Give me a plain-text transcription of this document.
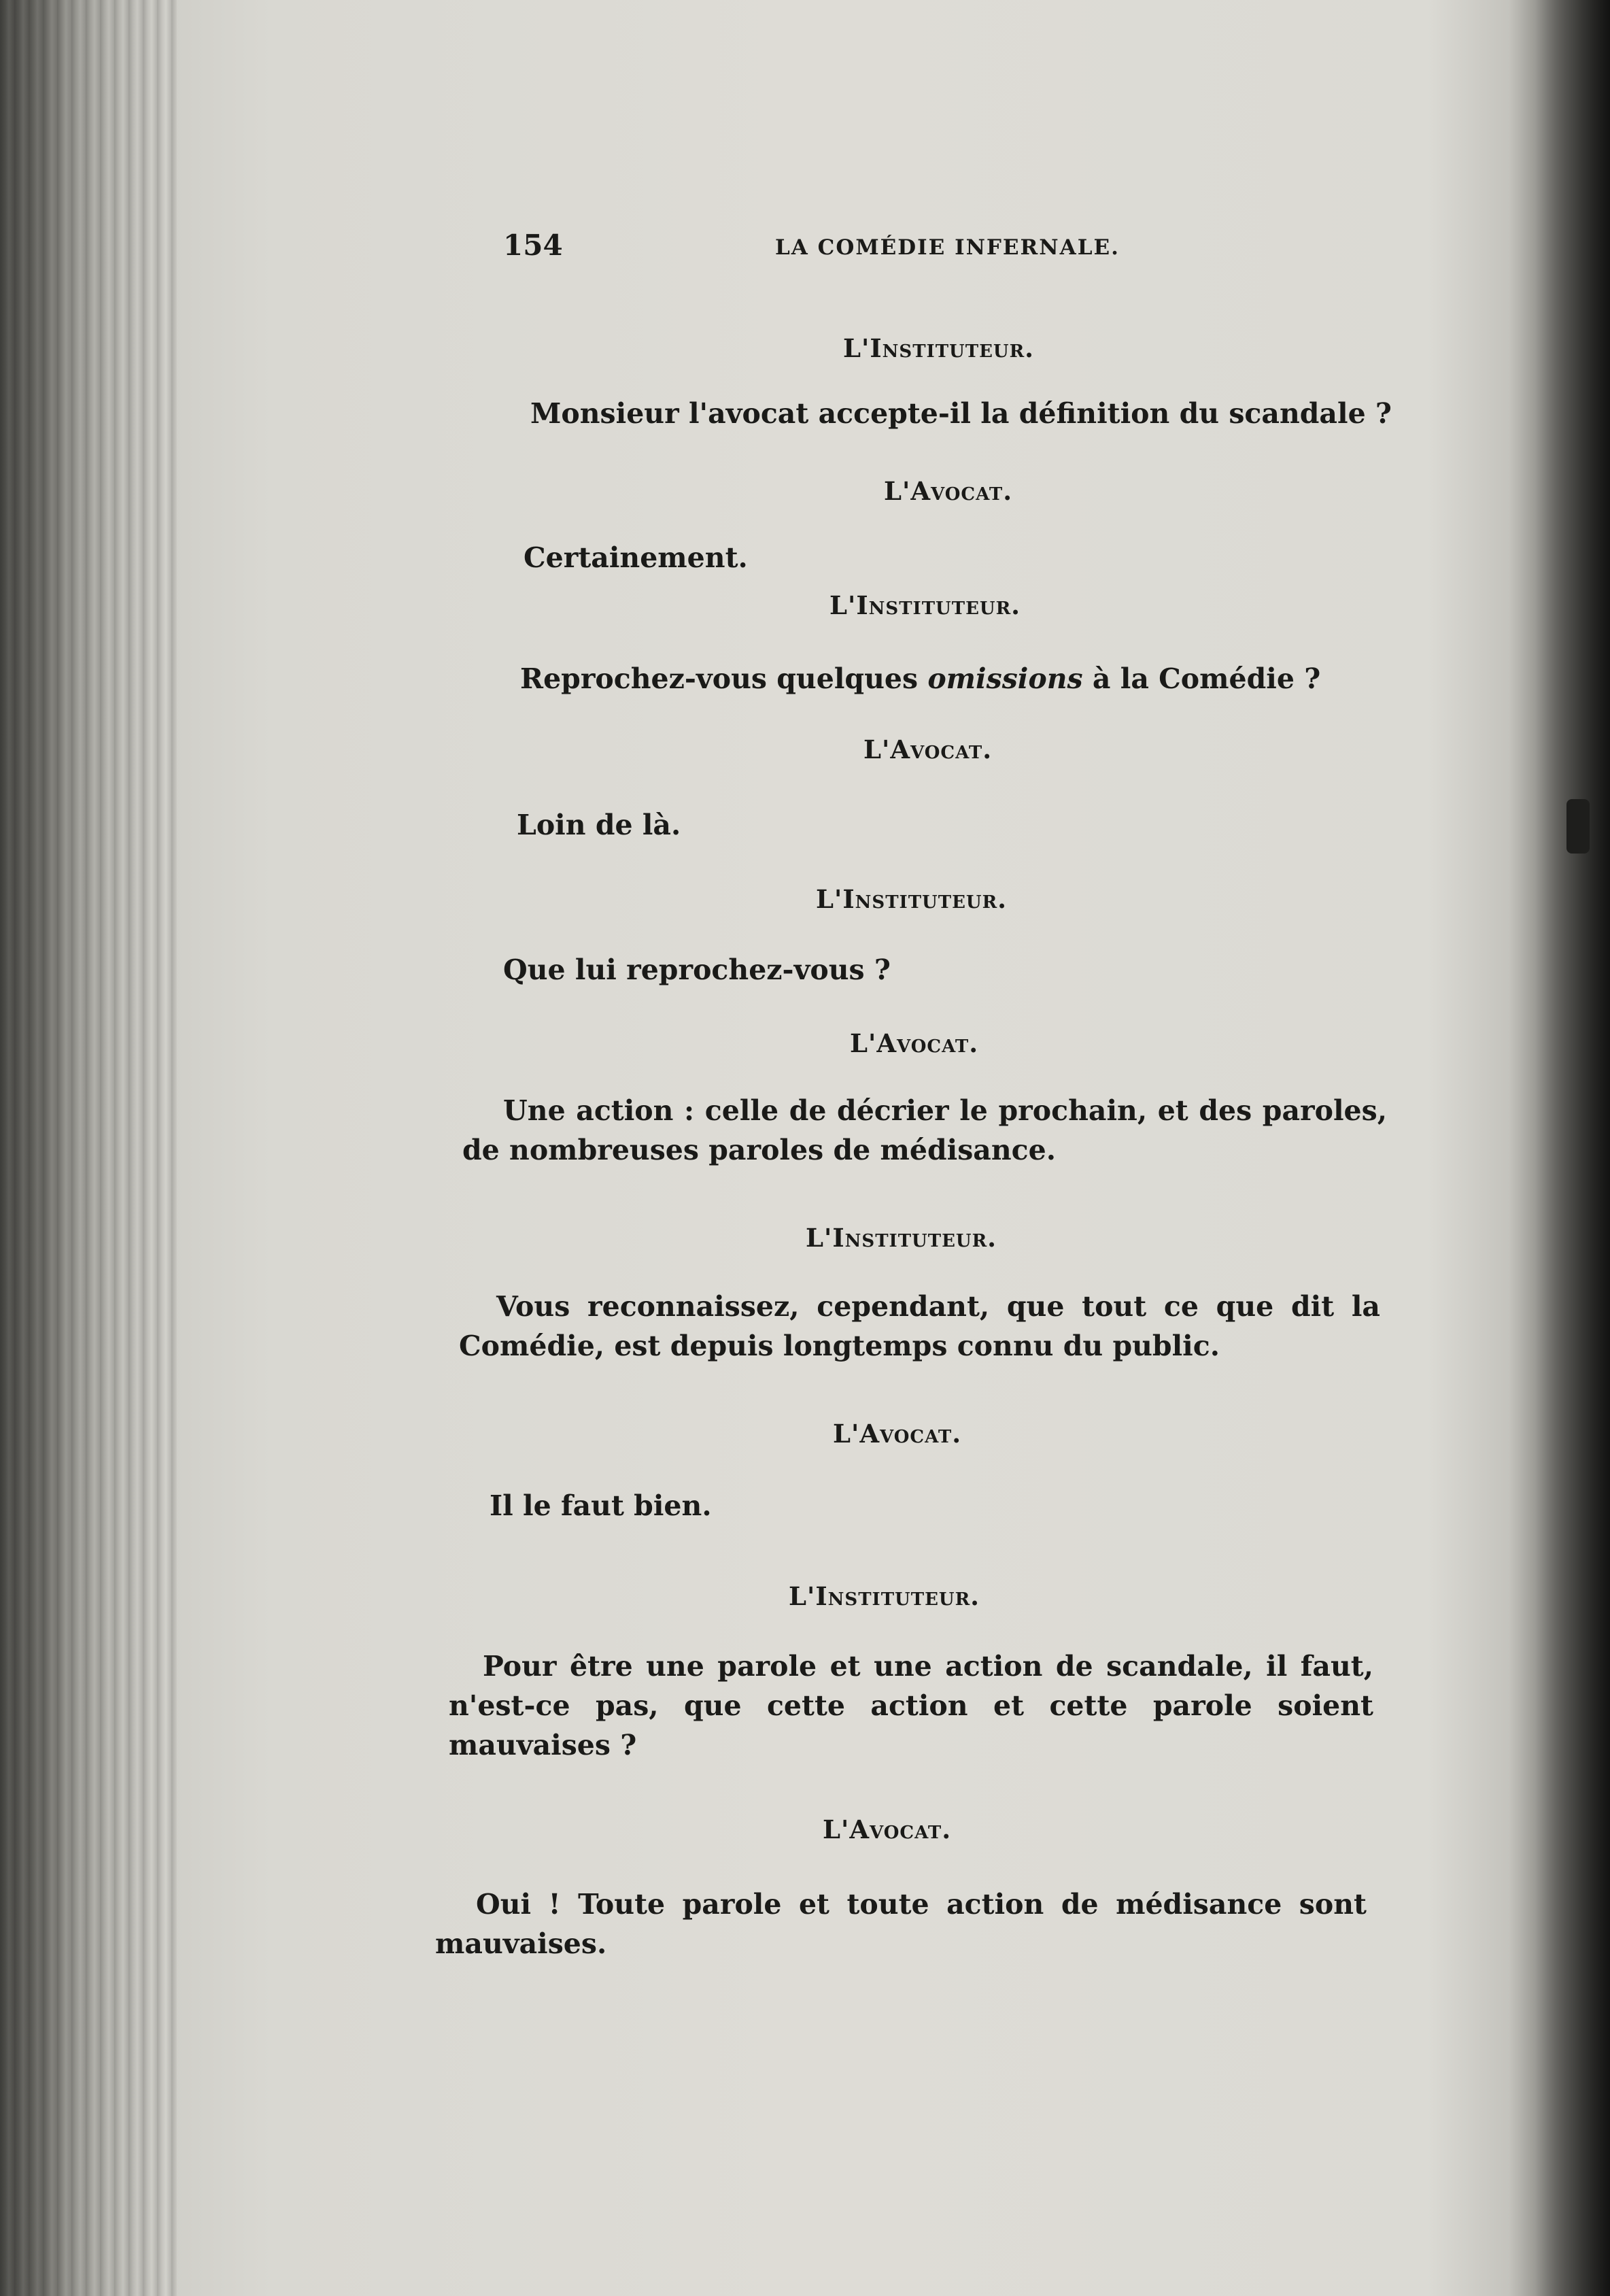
154	LA COMÉDIE INFERNALE.
L'Instituteur.
Monsieur l'avocat accepte-il la définition du scandale ?
L'Avocat.
Certainement.
L'Instituteur.
Reprochez-vous quelques omissions à la Comédie ?
L'Avocat.
Loin de là.
L'Instituteur.
Que lui reprochez-vous ?
L'Avocat.
Une action : celle de décrier le prochain, et des paroles,
de nombreuses paroles de médisance.
L'Instituteur.
Vous reconnaissez, cependant, que tout ce que dit la
Comédie, est depuis longtemps connu du public.
L'Avocat.
Il le faut bien.
L'Instituteur.
Pour être une parole et une action de scandale, il faut,
n'est-ce pas, que cette action et cette parole soient
mauvaises ?
L'Avocat.
Oui ! Toute parole et toute action de médisance sont
mauvaises.
